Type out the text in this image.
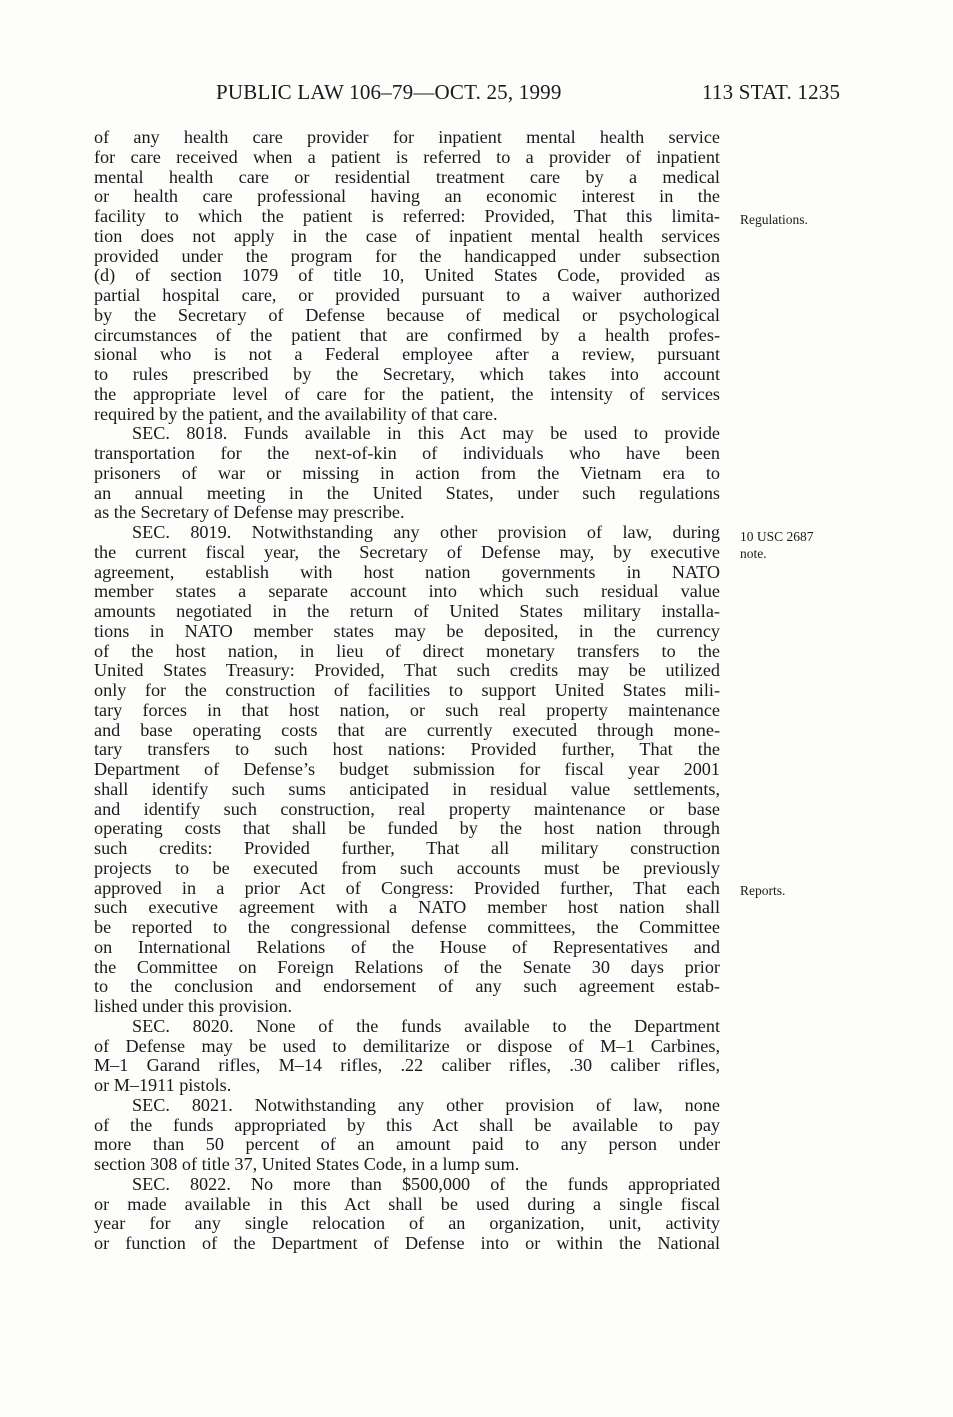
PUBLIC LAW 106–79—OCT. 25, 1999	113 STAT. 1235
Regulations.
10 USC 2687
note.
Reports.
of any health care provider for inpatient mental health service
for care received when a patient is referred to a provider of inpatient
mental health care or residential treatment care by a medical
or health care professional having an economic interest in the
facility to which the patient is referred: Provided, That this limita-
tion does not apply in the case of inpatient mental health services
provided under the program for the handicapped under subsection
(d) of section 1079 of title 10, United States Code, provided as
partial hospital care, or provided pursuant to a waiver authorized
by the Secretary of Defense because of medical or psychological
circumstances of the patient that are confirmed by a health profes-
sional who is not a Federal employee after a review, pursuant
to rules prescribed by the Secretary, which takes into account
the appropriate level of care for the patient, the intensity of services
required by the patient, and the availability of that care.
SEC. 8018. Funds available in this Act may be used to provide
transportation for the next-of-kin of individuals who have been
prisoners of war or missing in action from the Vietnam era to
an annual meeting in the United States, under such regulations
as the Secretary of Defense may prescribe.
SEC. 8019. Notwithstanding any other provision of law, during
the current fiscal year, the Secretary of Defense may, by executive
agreement, establish with host nation governments in NATO
member states a separate account into which such residual value
amounts negotiated in the return of United States military installa-
tions in NATO member states may be deposited, in the currency
of the host nation, in lieu of direct monetary transfers to the
United States Treasury: Provided, That such credits may be utilized
only for the construction of facilities to support United States mili-
tary forces in that host nation, or such real property maintenance
and base operating costs that are currently executed through mone-
tary transfers to such host nations: Provided further, That the
Department of Defense’s budget submission for fiscal year 2001
shall identify such sums anticipated in residual value settlements,
and identify such construction, real property maintenance or base
operating costs that shall be funded by the host nation through
such credits: Provided further, That all military construction
projects to be executed from such accounts must be previously
approved in a prior Act of Congress: Provided further, That each
such executive agreement with a NATO member host nation shall
be reported to the congressional defense committees, the Committee
on International Relations of the House of Representatives and
the Committee on Foreign Relations of the Senate 30 days prior
to the conclusion and endorsement of any such agreement estab-
lished under this provision.
SEC. 8020. None of the funds available to the Department
of Defense may be used to demilitarize or dispose of M–1 Carbines,
M–1 Garand rifles, M–14 rifles, .22 caliber rifles, .30 caliber rifles,
or M–1911 pistols.
SEC. 8021. Notwithstanding any other provision of law, none
of the funds appropriated by this Act shall be available to pay
more than 50 percent of an amount paid to any person under
section 308 of title 37, United States Code, in a lump sum.
SEC. 8022. No more than $500,000 of the funds appropriated
or made available in this Act shall be used during a single fiscal
year for any single relocation of an organization, unit, activity
or function of the Department of Defense into or within the National
